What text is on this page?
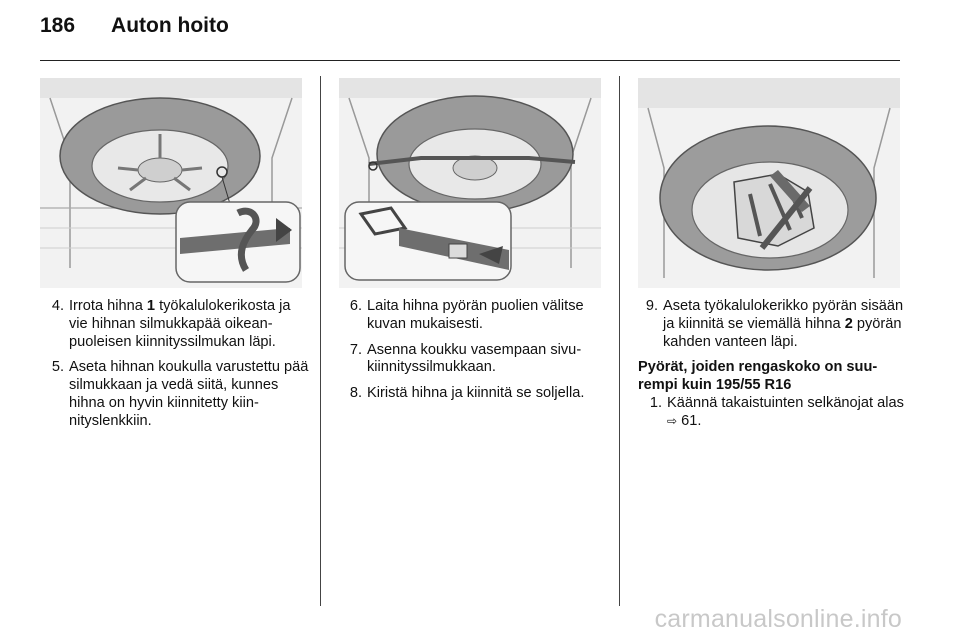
186 Auton hoito
4. Irrota hihna 1 työkalulokerikosta ja vie hihnan silmukkapää oikeanpuoleisen kiinnityssilmukan läpi.
5. Aseta hihnan koukulla varustettu pää silmukkaan ja vedä siitä, kunnes hihna on hyvin kiinnitetty kiinnityslenkkiin.
6. Laita hihna pyörän puolien välitse kuvan mukaisesti.
7. Asenna koukku vasempaan sivukiinnityssilmukkaan.
8. Kiristä hihna ja kiinnitä se soljella.
9. Aseta työkalulokerikko pyörän sisään ja kiinnitä se viemällä hihna 2 pyörän kahden vanteen läpi.
Pyörät, joiden rengaskoko on suurempi kuin 195/55 R16
1. Käännä takaistuinten selkänojat alas ⇨ 61.
carmanualsonline.info
